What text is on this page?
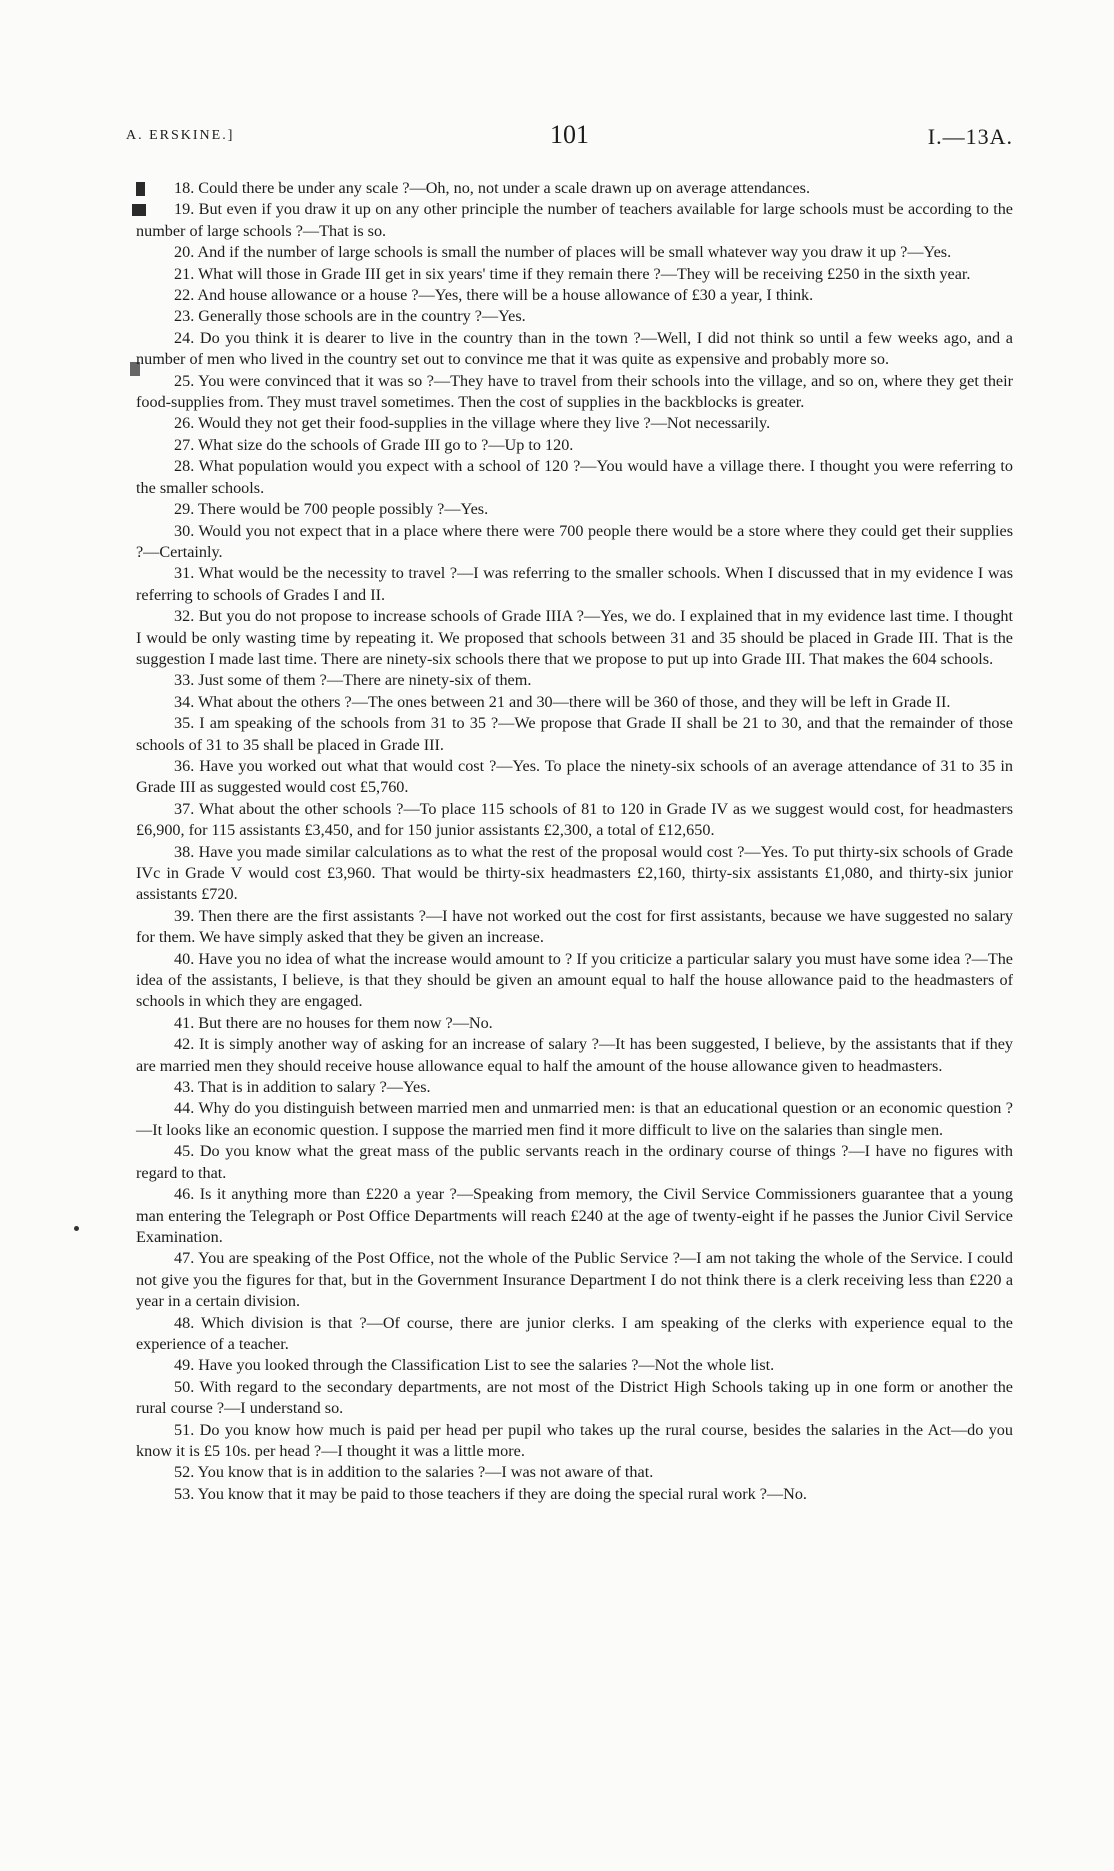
A. ERSKINE.]	101	I.—13A.

18. Could there be under any scale ?—Oh, no, not under a scale drawn up on average attendances.

19. But even if you draw it up on any other principle the number of teachers available for large schools must be according to the number of large schools ?—That is so.

20. And if the number of large schools is small the number of places will be small whatever way you draw it up ?—Yes.

21. What will those in Grade III get in six years' time if they remain there ?—They will be receiving £250 in the sixth year.

22. And house allowance or a house ?—Yes, there will be a house allowance of £30 a year, I think.

23. Generally those schools are in the country ?—Yes.

24. Do you think it is dearer to live in the country than in the town ?—Well, I did not think so until a few weeks ago, and a number of men who lived in the country set out to convince me that it was quite as expensive and probably more so.

25. You were convinced that it was so ?—They have to travel from their schools into the village, and so on, where they get their food-supplies from. They must travel sometimes. Then the cost of supplies in the backblocks is greater.

26. Would they not get their food-supplies in the village where they live ?—Not necessarily.

27. What size do the schools of Grade III go to ?—Up to 120.

28. What population would you expect with a school of 120 ?—You would have a village there. I thought you were referring to the smaller schools.

29. There would be 700 people possibly ?—Yes.

30. Would you not expect that in a place where there were 700 people there would be a store where they could get their supplies ?—Certainly.

31. What would be the necessity to travel ?—I was referring to the smaller schools. When I discussed that in my evidence I was referring to schools of Grades I and II.

32. But you do not propose to increase schools of Grade IIIA ?—Yes, we do. I explained that in my evidence last time. I thought I would be only wasting time by repeating it. We proposed that schools between 31 and 35 should be placed in Grade III. That is the suggestion I made last time. There are ninety-six schools there that we propose to put up into Grade III. That makes the 604 schools.

33. Just some of them ?—There are ninety-six of them.

34. What about the others ?—The ones between 21 and 30—there will be 360 of those, and they will be left in Grade II.

35. I am speaking of the schools from 31 to 35 ?—We propose that Grade II shall be 21 to 30, and that the remainder of those schools of 31 to 35 shall be placed in Grade III.

36. Have you worked out what that would cost ?—Yes. To place the ninety-six schools of an average attendance of 31 to 35 in Grade III as suggested would cost £5,760.

37. What about the other schools ?—To place 115 schools of 81 to 120 in Grade IV as we suggest would cost, for headmasters £6,900, for 115 assistants £3,450, and for 150 junior assistants £2,300, a total of £12,650.

38. Have you made similar calculations as to what the rest of the proposal would cost ?—Yes. To put thirty-six schools of Grade IVc in Grade V would cost £3,960. That would be thirty-six headmasters £2,160, thirty-six assistants £1,080, and thirty-six junior assistants £720.

39. Then there are the first assistants ?—I have not worked out the cost for first assistants, because we have suggested no salary for them. We have simply asked that they be given an increase.

40. Have you no idea of what the increase would amount to ? If you criticize a particular salary you must have some idea ?—The idea of the assistants, I believe, is that they should be given an amount equal to half the house allowance paid to the headmasters of schools in which they are engaged.

41. But there are no houses for them now ?—No.

42. It is simply another way of asking for an increase of salary ?—It has been suggested, I believe, by the assistants that if they are married men they should receive house allowance equal to half the amount of the house allowance given to headmasters.

43. That is in addition to salary ?—Yes.

44. Why do you distinguish between married men and unmarried men: is that an educational question or an economic question ?—It looks like an economic question. I suppose the married men find it more difficult to live on the salaries than single men.

45. Do you know what the great mass of the public servants reach in the ordinary course of things ?—I have no figures with regard to that.

46. Is it anything more than £220 a year ?—Speaking from memory, the Civil Service Commissioners guarantee that a young man entering the Telegraph or Post Office Departments will reach £240 at the age of twenty-eight if he passes the Junior Civil Service Examination.

47. You are speaking of the Post Office, not the whole of the Public Service ?—I am not taking the whole of the Service. I could not give you the figures for that, but in the Government Insurance Department I do not think there is a clerk receiving less than £220 a year in a certain division.

48. Which division is that ?—Of course, there are junior clerks. I am speaking of the clerks with experience equal to the experience of a teacher.

49. Have you looked through the Classification List to see the salaries ?—Not the whole list.

50. With regard to the secondary departments, are not most of the District High Schools taking up in one form or another the rural course ?—I understand so.

51. Do you know how much is paid per head per pupil who takes up the rural course, besides the salaries in the Act—do you know it is £5 10s. per head ?—I thought it was a little more.

52. You know that is in addition to the salaries ?—I was not aware of that.

53. You know that it may be paid to those teachers if they are doing the special rural work ?—No.
